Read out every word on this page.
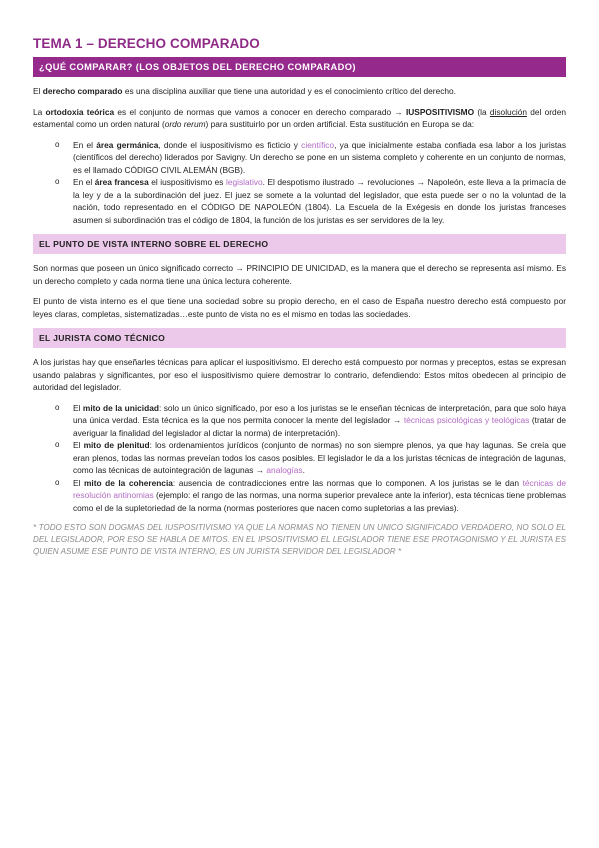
TEMA 1 – DERECHO COMPARADO
¿QUÉ COMPARAR? (LOS OBJETOS DEL DERECHO COMPARADO)

El derecho comparado es una disciplina auxiliar que tiene una autoridad y es el conocimiento crítico del derecho.

La ortodoxia teórica es el conjunto de normas que vamos a conocer en derecho comparado → IUSPOSITIVISMO (la disolución del orden estamental como un orden natural (ordo rerum) para sustituirlo por un orden artificial. Esta sustitución en Europa se da:

o En el área germánica, donde el iuspositivismo es ficticio y científico, ya que inicialmente estaba confiada esa labor a los juristas (científicos del derecho) liderados por Savigny. Un derecho se pone en un sistema completo y coherente en un conjunto de normas, es el llamado CÓDIGO CIVIL ALEMÁN (BGB).
o En el área francesa el iuspositivismo es legislativo. El despotismo ilustrado → revoluciones → Napoleón, este lleva a la primacía de la ley y de a la subordinación del juez. El juez se somete a la voluntad del legislador, que esta puede ser o no la voluntad de la nación, todo representado en el CÓDIGO DE NAPOLEÓN (1804). La Escuela de la Exégesis en donde los juristas franceses asumen si subordinación tras el código de 1804, la función de los juristas es ser servidores de la ley.
EL PUNTO DE VISTA INTERNO SOBRE EL DERECHO

Son normas que poseen un único significado correcto → PRINCIPIO DE UNICIDAD, es la manera que el derecho se representa así mismo. Es un derecho completo y cada norma tiene una única lectura coherente.

El punto de vista interno es el que tiene una sociedad sobre su propio derecho, en el caso de España nuestro derecho está compuesto por leyes claras, completas, sistematizadas…este punto de vista no es el mismo en todas las sociedades.

EL JURISTA COMO TÉCNICO

A los juristas hay que enseñarles técnicas para aplicar el iuspositivismo. El derecho está compuesto por normas y preceptos, estas se expresan usando palabras y significantes, por eso el iuspositivismo quiere demostrar lo contrario, defendiendo: Estos mitos obedecen al principio de autoridad del legislador.

o El mito de la unicidad: solo un único significado, por eso a los juristas se le enseñan técnicas de interpretación, para que solo haya una única verdad. Esta técnica es la que nos permita conocer la mente del legislador → técnicas psicológicas y teológicas (tratar de averiguar la finalidad del legislador al dictar la norma) de interpretación).
o El mito de plenitud: los ordenamientos jurídicos (conjunto de normas) no son siempre plenos, ya que hay lagunas. Se creía que eran plenos, todas las normas preveían todos los casos posibles. El legislador le da a los juristas técnicas de integración de lagunas, como las técnicas de autointegración de lagunas → analogías.
o El mito de la coherencia: ausencia de contradicciones entre las normas que lo componen. A los juristas se le dan técnicas de resolución antinomias (ejemplo: el rango de las normas, una norma superior prevalece ante la inferior), esta técnicas tiene problemas como el de la supletoriedad de la norma (normas posteriores que nacen como supletorias a las previas).

* TODO ESTO SON DOGMAS DEL IUSPOSITIVISMO YA QUE LA NORMAS NO TIENEN UN UNICO SIGNIFICADO VERDADERO, NO SOLO EL DEL LEGISLADOR, POR ESO SE HABLA DE MITOS. EN EL IPSOSITIVISMO EL LEGISLADOR TIENE ESE PROTAGONISMO Y EL JURISTA ES QUIEN ASUME ESE PUNTO DE VISTA INTERNO, ES UN JURISTA SERVIDOR DEL LEGISLADOR *
